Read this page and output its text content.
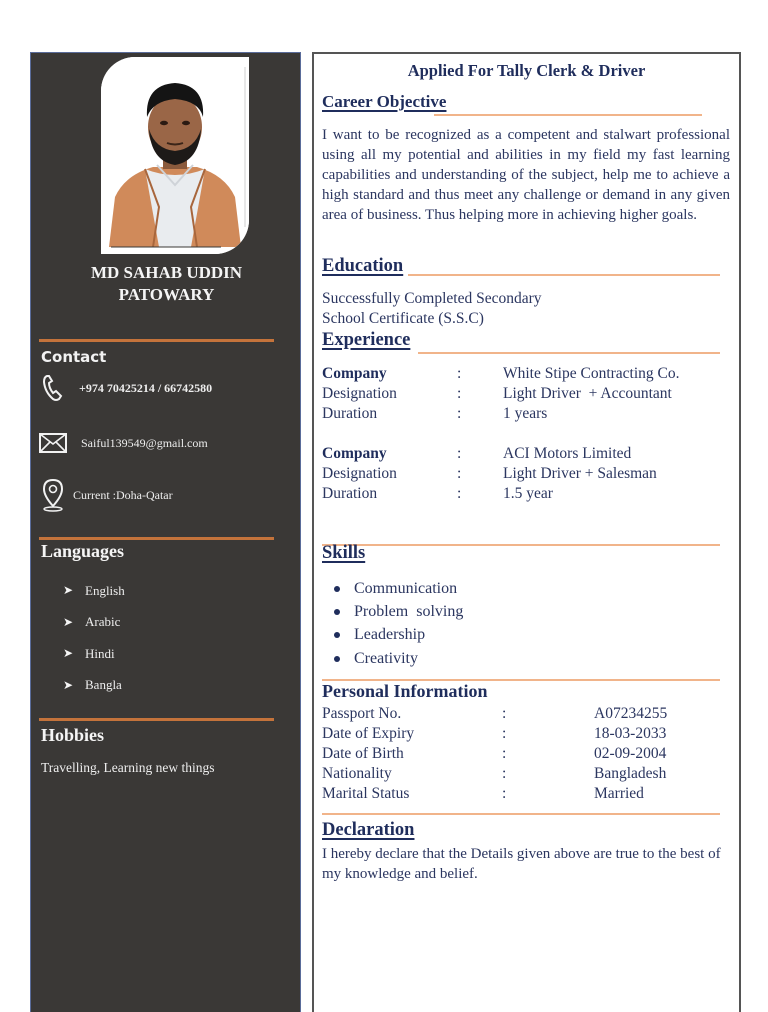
MD SAHAB UDDIN
PATOWARY
Contact
+974 70425214 / 66742580
Saiful139549@gmail.com
Current :Doha-Qatar
Languages
➤ English
➤ Arabic
➤ Hindi
➤ Bangla
Hobbies
Travelling, Learning new things
Applied For Tally Clerk & Driver
Career Objective
I want to be recognized as a competent and stalwart professional using all my potential and abilities in my field my fast learning capabilities and understanding of the subject, help me to achieve a high standard and thus meet any challenge or demand in any given area of business. Thus helping more in achieving higher goals.
Education
Successfully Completed Secondary
School Certificate (S.S.C)
Experience
Company	:	White Stipe Contracting Co.
Designation	:	Light Driver  + Accountant
Duration	:	1 years
Company	:	ACI Motors Limited
Designation	:	Light Driver + Salesman
Duration	:	1.5 year
Skills
Communication
Problem  solving
Leadership
Creativity
Personal Information
Passport No.	:	A07234255
Date of Expiry	:	18-03-2033
Date of Birth	:	02-09-2004
Nationality	:	Bangladesh
Marital Status	:	Married
Declaration
I hereby declare that the Details given above are true to the best of my knowledge and belief.
